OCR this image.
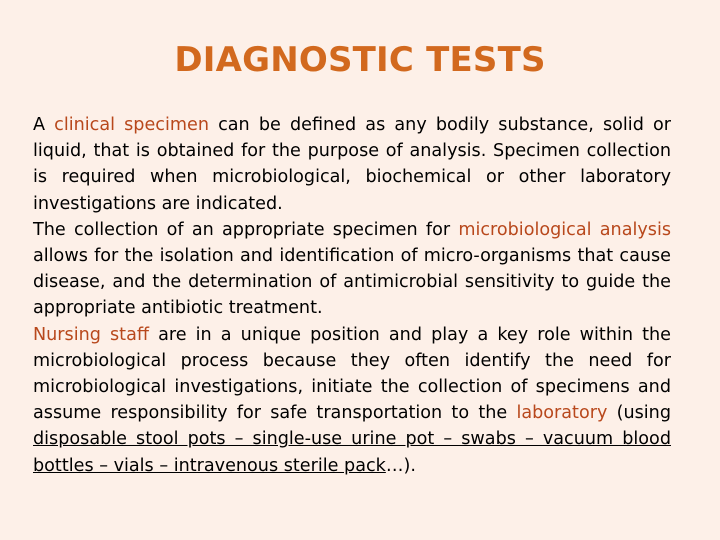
DIAGNOSTIC TESTS

A clinical specimen can be defined as any bodily substance, solid or liquid, that is obtained for the purpose of analysis. Specimen collection is required when microbiological, biochemical or other laboratory investigations are indicated.

The collection of an appropriate specimen for microbiological analysis allows for the isolation and identification of micro-organisms that cause disease, and the determination of antimicrobial sensitivity to guide the appropriate antibiotic treatment.

Nursing staff are in a unique position and play a key role within the microbiological process because they often identify the need for microbiological investigations, initiate the collection of specimens and assume responsibility for safe transportation to the laboratory (using disposable stool pots – single-use urine pot – swabs – vacuum blood bottles – vials – intravenous sterile pack…).
